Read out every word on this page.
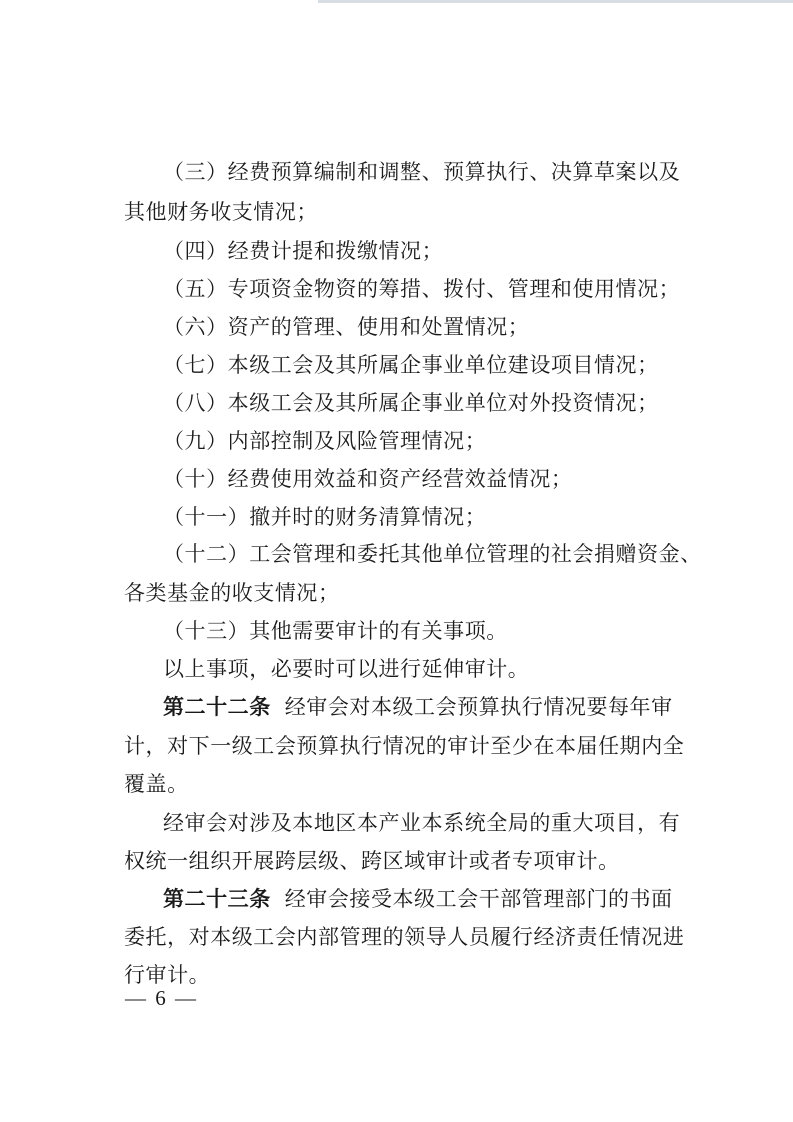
（三）经费预算编制和调整、预算执行、决算草案以及
其他财务收支情况；
（四）经费计提和拨缴情况；
（五）专项资金物资的筹措、拨付、管理和使用情况；
（六）资产的管理、使用和处置情况；
（七）本级工会及其所属企事业单位建设项目情况；
（八）本级工会及其所属企事业单位对外投资情况；
（九）内部控制及风险管理情况；
（十）经费使用效益和资产经营效益情况；
（十一）撤并时的财务清算情况；
（十二）工会管理和委托其他单位管理的社会捐赠资金、
各类基金的收支情况；
（十三）其他需要审计的有关事项。
以上事项，必要时可以进行延伸审计。
第二十二条 经审会对本级工会预算执行情况要每年审
计，对下一级工会预算执行情况的审计至少在本届任期内全
覆盖。
经审会对涉及本地区本产业本系统全局的重大项目，有
权统一组织开展跨层级、跨区域审计或者专项审计。
第二十三条 经审会接受本级工会干部管理部门的书面
委托，对本级工会内部管理的领导人员履行经济责任情况进
行审计。
— 6 —
